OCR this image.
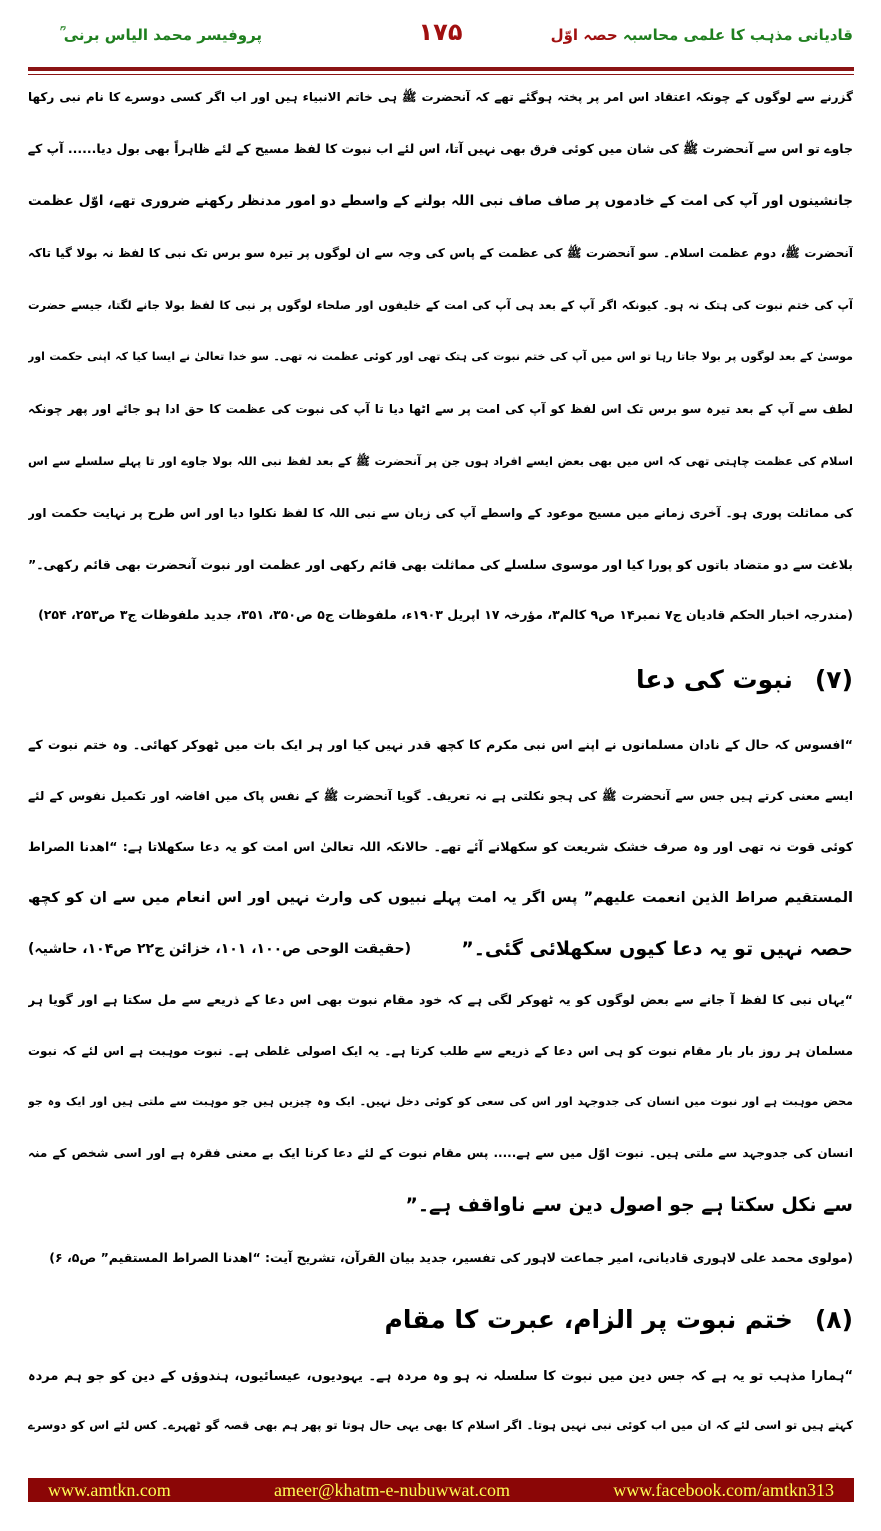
پروفیسر محمد الیاس برنی ؒ	۱۷۵	قادیانی مذہب کا علمی محاسبہ حصہ اوّل
گزرنے سے لوگوں کے چونکہ اعتقاد اس امر پر پختہ ہوگئے تھے کہ آنحضرت ﷺ ہی خاتم الانبیاء ہیں اور اب اگر کسی دوسرے کا نام نبی رکھا
جاوے تو اس سے آنحضرت ﷺ کی شان میں کوئی فرق بھی نہیں آتا، اس لئے اب نبوت کا لفظ مسیح کے لئے ظاہراً بھی بول دیا...... آپ کے
جانشینوں اور آپ کی امت کے خادموں پر صاف صاف نبی اللہ بولنے کے واسطے دو امور مدنظر رکھنے ضروری تھے، اوّل عظمت
آنحضرت ﷺ، دوم عظمت اسلام۔ سو آنحضرت ﷺ کی عظمت کے پاس کی وجہ سے ان لوگوں پر تیرہ سو برس تک نبی کا لفظ نہ بولا گیا تاکہ
آپ کی ختم نبوت کی ہتک نہ ہو۔ کیونکہ اگر آپ کے بعد ہی آپ کی امت کے خلیفوں اور صلحاء لوگوں پر نبی کا لفظ بولا جانے لگتا، جیسے حضرت
موسیٰ کے بعد لوگوں پر بولا جاتا رہا تو اس میں آپ کی ختم نبوت کی ہتک تھی اور کوئی عظمت نہ تھی۔ سو خدا تعالیٰ نے ایسا کیا کہ اپنی حکمت اور
لطف سے آپ کے بعد تیرہ سو برس تک اس لفظ کو آپ کی امت پر سے اٹھا دیا تا آپ کی نبوت کی عظمت کا حق ادا ہو جائے اور پھر چونکہ
اسلام کی عظمت چاہتی تھی کہ اس میں بھی بعض ایسے افراد ہوں جن پر آنحضرت ﷺ کے بعد لفظ نبی اللہ بولا جاوے اور تا پہلے سلسلے سے اس
کی مماثلت پوری ہو۔ آخری زمانے میں مسیح موعود کے واسطے آپ کی زبان سے نبی اللہ کا لفظ نکلوا دیا اور اس طرح پر نہایت حکمت اور
بلاغت سے دو متضاد باتوں کو پورا کیا اور موسوی سلسلے کی مماثلت بھی قائم رکھی اور عظمت اور نبوت آنحضرت بھی قائم رکھی۔”
(مندرجہ اخبار الحکم قادیان ج۷ نمبر۱۴ ص۹ کالم۳، مؤرخہ ۱۷ اپریل ۱۹۰۳ء، ملفوظات ج۵ ص۳۵۰، ۳۵۱، جدید ملفوظات ج۳ ص۲۵۳، ۲۵۴)
(۷)نبوت کی دعا
“افسوس کہ حال کے نادان مسلمانوں نے اپنے اس نبی مکرم کا کچھ قدر نہیں کیا اور ہر ایک بات میں ٹھوکر کھائی۔ وہ ختم نبوت کے
ایسے معنی کرتے ہیں جس سے آنحضرت ﷺ کی ہجو نکلتی ہے نہ تعریف۔ گویا آنحضرت ﷺ کے نفس پاک میں افاضہ اور تکمیل نفوس کے لئے
کوئی قوت نہ تھی اور وہ صرف خشک شریعت کو سکھلانے آئے تھے۔ حالانکہ اللہ تعالیٰ اس امت کو یہ دعا سکھلاتا ہے: “اھدنا الصراط
المستقیم صراط الذین انعمت علیھم” پس اگر یہ امت پہلے نبیوں کی وارث نہیں اور اس انعام میں سے ان کو کچھ
حصہ نہیں تو یہ دعا کیوں سکھلائی گئی۔”
(حقیقت الوحی ص۱۰۰، ۱۰۱، خزائن ج۲۲ ص۱۰۴، حاشیہ)
“یہاں نبی کا لفظ آ جانے سے بعض لوگوں کو یہ ٹھوکر لگی ہے کہ خود مقام نبوت بھی اس دعا کے ذریعے سے مل سکتا ہے اور گویا ہر
مسلمان ہر روز بار بار مقام نبوت کو ہی اس دعا کے ذریعے سے طلب کرتا ہے۔ یہ ایک اصولی غلطی ہے۔ نبوت موہبت ہے اس لئے کہ نبوت
محض موہبت ہے اور نبوت میں انسان کی جدوجہد اور اس کی سعی کو کوئی دخل نہیں۔ ایک وہ چیزیں ہیں جو موہبت سے ملتی ہیں اور ایک وہ جو
انسان کی جدوجہد سے ملتی ہیں۔ نبوت اوّل میں سے ہے..... پس مقام نبوت کے لئے دعا کرنا ایک بے معنی فقرہ ہے اور اسی شخص کے منہ
سے نکل سکتا ہے جو اصول دین سے ناواقف ہے۔”
(مولوی محمد علی لاہوری قادیانی، امیر جماعت لاہور کی تفسیر، جدید بیان القرآن، تشریح آیت: “اھدنا الصراط المستقیم” ص۵، ۶)
(۸)ختم نبوت پر الزام، عبرت کا مقام
“ہمارا مذہب تو یہ ہے کہ جس دین میں نبوت کا سلسلہ نہ ہو وہ مردہ ہے۔ یہودیوں، عیسائیوں، ہندوؤں کے دین کو جو ہم مردہ
کہتے ہیں تو اسی لئے کہ ان میں اب کوئی نبی نہیں ہوتا۔ اگر اسلام کا بھی یہی حال ہوتا تو پھر ہم بھی قصہ گو ٹھہرے۔ کس لئے اس کو دوسرے
www.amtkn.com	ameer@khatm-e-nubuwwat.com	www.facebook.com/amtkn313
